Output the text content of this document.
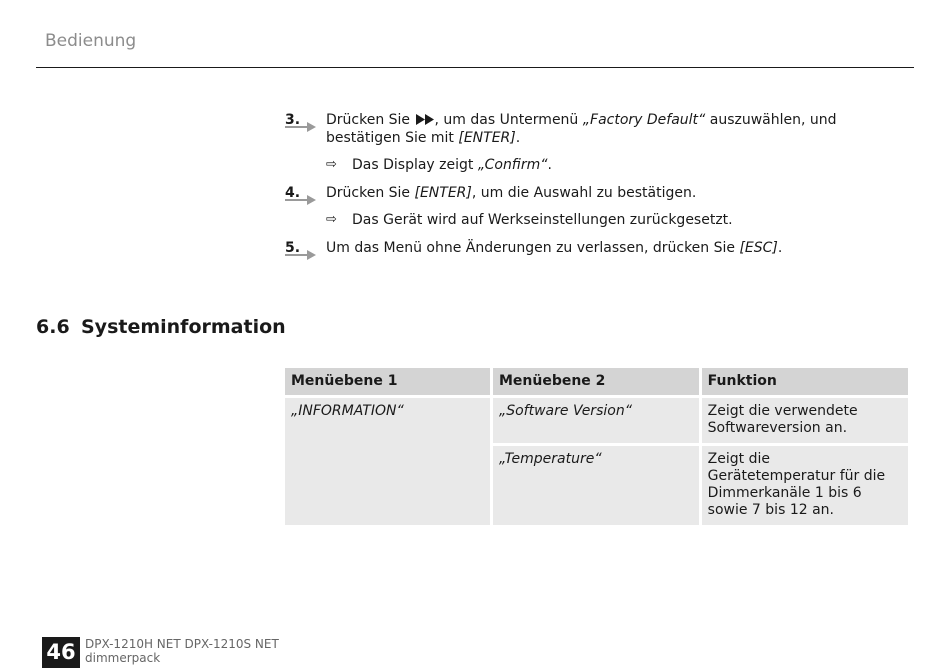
Bedienung
3. Drücken Sie , um das Untermenü „Factory Default“ auszuwählen, und bestätigen Sie mit [ENTER].
⇨ Das Display zeigt „Confirm“.
4. Drücken Sie [ENTER], um die Auswahl zu bestätigen.
⇨ Das Gerät wird auf Werkseinstellungen zurückgesetzt.
5. Um das Menü ohne Änderungen zu verlassen, drücken Sie [ESC].
6.6 Systeminformation
Menüebene 1	Menüebene 2	Funktion
„INFORMATION“	„Software Version“	Zeigt die verwendete Softwareversion an.
	„Temperature“	Zeigt die Gerätetemperatur für die Dimmerkanäle 1 bis 6 sowie 7 bis 12 an.
46 DPX-1210H NET DPX-1210S NET
dimmerpack
